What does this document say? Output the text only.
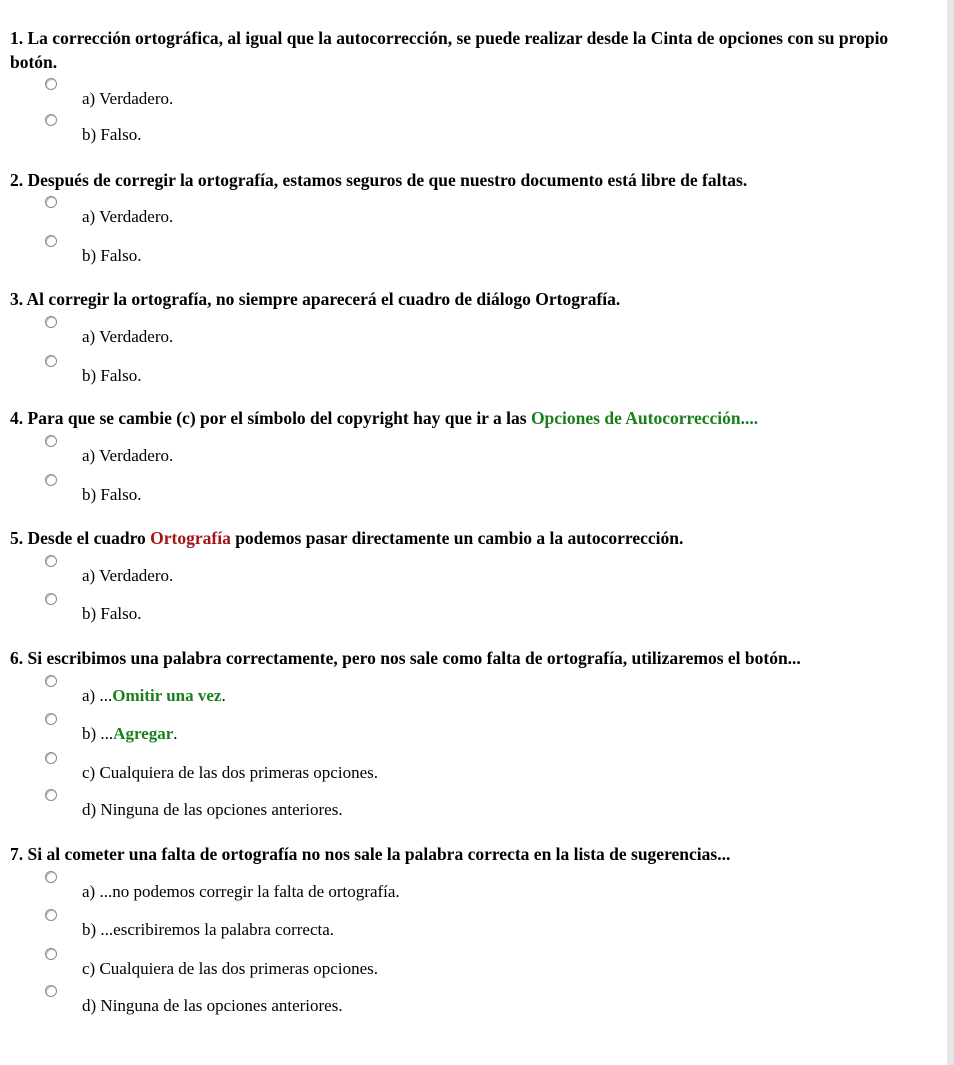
1. La corrección ortográfica, al igual que la autocorrección, se puede realizar desde la Cinta de opciones con su propio botón.
a) Verdadero.
b) Falso.
2. Después de corregir la ortografía, estamos seguros de que nuestro documento está libre de faltas.
a) Verdadero.
b) Falso.
3. Al corregir la ortografía, no siempre aparecerá el cuadro de diálogo Ortografía.
a) Verdadero.
b) Falso.
4. Para que se cambie (c) por el símbolo del copyright hay que ir a las Opciones de Autocorrección....
a) Verdadero.
b) Falso.
5. Desde el cuadro Ortografía podemos pasar directamente un cambio a la autocorrección.
a) Verdadero.
b) Falso.
6. Si escribimos una palabra correctamente, pero nos sale como falta de ortografía, utilizaremos el botón...
a) ...Omitir una vez.
b) ...Agregar.
c) Cualquiera de las dos primeras opciones.
d) Ninguna de las opciones anteriores.
7. Si al cometer una falta de ortografía no nos sale la palabra correcta en la lista de sugerencias...
a) ...no podemos corregir la falta de ortografía.
b) ...escribiremos la palabra correcta.
c) Cualquiera de las dos primeras opciones.
d) Ninguna de las opciones anteriores.
